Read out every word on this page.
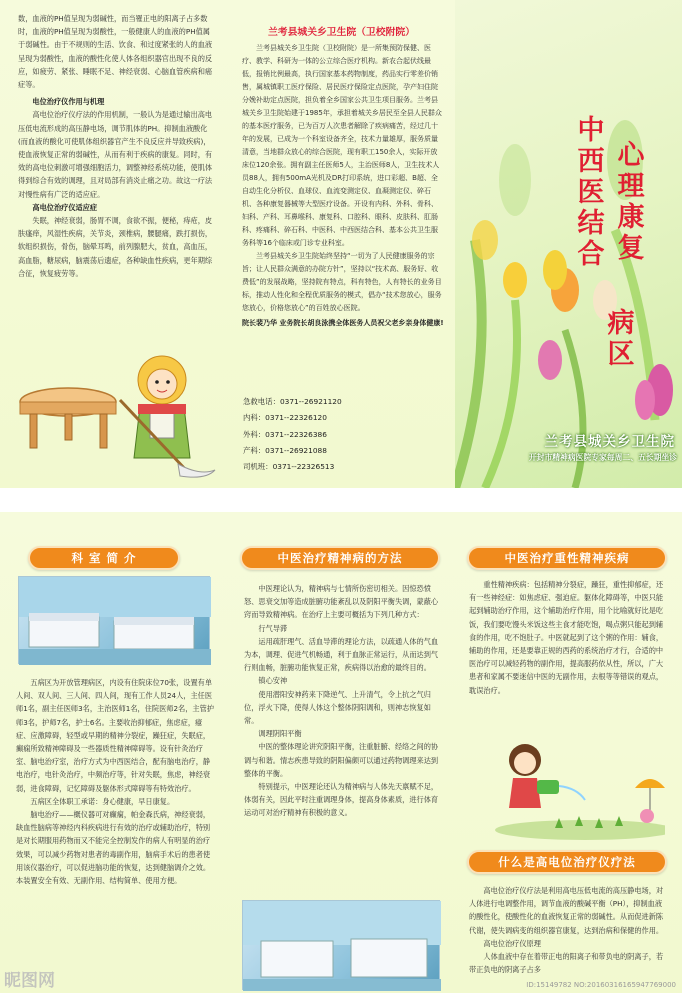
数，血液的PH值呈现为弱碱性，而当罹正电的阳离子占多数时，血液的PH值呈现为弱酸性，一般健康人的血液的PH值属于弱碱性。由于不规则的生活、饮食、和过度紧张的人的血液呈现为弱酸性，血液的酸性化使人体各组织器官出现不良的反应，如疲劳、紧张、睡眠不足、神经衰弱、心脑血管疾病和癌症等。

电位治疗仪作用与机理

高电位治疗仪疗法的作用机制，一般认为是通过输出高电压低电流形成的高压静电场，调节肌体的PH。抑制血液酸化(而血液的酸化可使肌体组织器官产生不良反应并导致疾病)，使血液恢复正常的弱碱性，从而有利于疾病的康复。同时，有效的高电位刺激可增强细胞活力，调整神经系统功能，使肌体得到综合有效的调理，且对局部有消炎止痛之功。故这一疗法对慢性病有广泛的适应症。

高电位治疗仪适应症

失眠，神经衰弱，肠胃不调，食欲不振，便秘，痔疮，皮肤瘙痒，风湿性疾病，关节炎，颈椎病，腰腿痛，跌打损伤，软组织损伤，骨伤，脑晕耳鸣，前列腺肥大，贫血，高血压，高血脂，糖尿病，脑震荡后遗症，各种缺血性疾病，更年期综合征，恢复疲劳等。

兰考县城关乡卫生院（卫校附院）

兰考县城关乡卫生院（卫校附院）是一所集预防保健、医疗、教学、科研为一体的公立综合医疗机构。新农合起伏线最低，报销比例最高，执行国家基本药物制度，药品实行零差价销售，属城镇职工医疗保险、居民医疗保险定点医院，孕产妇住院分娩补助定点医院，担负着全乡国家公共卫生项目服务。兰考县城关乡卫生院始建于1985年，承担着城关乡居民至全县人民群众的基本医疗服务，已为百万人次患者解除了疾病痛苦，经过几十年的发展，已成为一个科室设备齐全，技术力量雄厚，服务质量清意，当地群众放心的综合医院，现有职工150余人，实际开放床位120余张。拥有副主任医师5人，主治医师8人，卫生技术人员88人，拥有500mA光机及DR打印系统，进口彩超、B超、全自动生化分析仪、血球仪、血流变测定仪、血凝测定仪、碎石机、各种康复器械等大型医疗设备。开设有内科、外科、骨科、妇科、产科、耳鼻喉科、康复科、口腔科、眼科、皮肤科、肛肠科、疼痛科、碎石科、中医科、中西医结合科、基本公共卫生服务科等16个临床或门诊专业科室。

兰考县城关乡卫生院始终坚持“一切为了人民健康服务的宗旨；让人民群众满意的办院方针”，坚持以“技术高、服务好、收费低”的发展战略，坚持院有特点，科有特色，人有特长的业务目标，推动人性化和全程优质服务的模式，倡办“技术您放心，服务您放心，价格您放心”的百姓放心医院。

院长裴乃华 业务院长胡良泳携全体医务人员祝父老乡亲身体健康!

急救电话：0371--26921120
内科：0371--22326120
外科：0371--22326386
产科：0371--26921088
司机班：0371--22326513
中
西
医
结
合
心
理
康
复
病
区
兰考县城关乡卫生院
开封市精神病医院专家每周二、五长期坐诊
科 室 简 介

五病区为开放管理病区，内设有住院床位70张，设置有单人间、双人间、三人间、四人间，现有工作人员24人，主任医师1名，副主任医师3名，主治医师1名，住院医师2名，主管护师3名，护师7名，护士6名。主要收治抑郁症，焦虑症，癔症、应激障碍，轻型或早期的精神分裂症，躁狂症，失眠症，癫痫所致精神障碍及一些器质性精神障碍等。设有针灸治疗室、脑电治疗室，治疗方式为中西医结合，配有脑电治疗，静电治疗，电针灸治疗，中频治疗等，针对失眠，焦虑，神经衰弱，进食障碍，记忆障碍及躯体形式障碍等有特效治疗。

五病区全体职工承诺：身心健康，早日康复。

脑电治疗——概仪器可对癫痫，帕金森氏病，神经衰弱，缺血性脑病等神经内科疾病进行有效的治疗或辅助治疗，特别是对长期服用药物而又不能完全控制发作的病人有明显的治疗效果，可以减少药物对患者的毒副作用，脑病手术后的患者使用该仪器治疗，可以促进脑功能的恢复，达到健脑调介之效。本装置安全有效、无副作用、结构简单、使用方便。

昵图网
中医治疗精神病的方法

中医理论认为，精神病与七情所伤密切相关。因惊恐愤怒、思衰交加等造成脏腑功能紊乱以及阴阳平衡失调，蒙蔽心窍而导致精神病。在治疗上主要可概括为下列几种方式：

行气导滞

运用疏肝理气、活血导滞的理论方法，以疏通人体的气血为本，调理、促进气机畅通，利于血脉正常运行，从而达到气行则血畅，脏腑功能恢复正常，疾病得以治愈的最终目的。

镇心安神

使用潜阳安神药来下降逆气、上升清气，令上抗之气归位，浮火下降，使得人体这个整体阴阳调和，则神志恢复如常。

调理阴阳平衡

中医的整体理论讲究阴阳平衡，注重脏腑、经络之间的协调与和谐。情志疾患导致的阴阳偏颇可以通过药物调理来达到整体的平衡。

特别提示，中医理论还认为精神病与人体先天禀赋不足，体弱有关，因此平时注重调理身体，提高身体素质，进行体育运动可对治疗精神有积极的意义。

中医治疗重性精神疾病

重性精神疾病：包括精神分裂症，躁狂，重性抑郁症，还有一些神经症：如焦虑症、强迫症。躯体化障碍等，中医只能起到辅助治疗作用，这个辅助治疗作用，用个比喻就好比是吃饭，我们要吃馒头米饭这些主食才能吃饱，喝点粥只能起到辅食的作用，吃不饱肚子。中医就起到了这个粥的作用：辅食，辅助的作用，还是要靠正规的西药的系统治疗才行，合适的中医治疗可以减轻药物的副作用，提高服药依从性，所以，广大患者和家属不要迷信中医的无副作用，去根等等错误的观点，耽误治疗。

什么是高电位治疗仪疗法

高电位治疗仪疗法是利用高电压低电流的高压静电场，对人体进行电调整作用，调节血液的酸碱平衡（PH），抑制血液的酸性化，使酸性化的血液恢复正常的弱碱性。从而促进新陈代谢，使失调病变的组织器官康复，达到治病和保健的作用。

高电位治疗仪原理

人体血液中存在着带正电的阳离子和带负电的阴离子，若带正负电的阴离子占多

ID:15149782 NO:20160316165947769000
